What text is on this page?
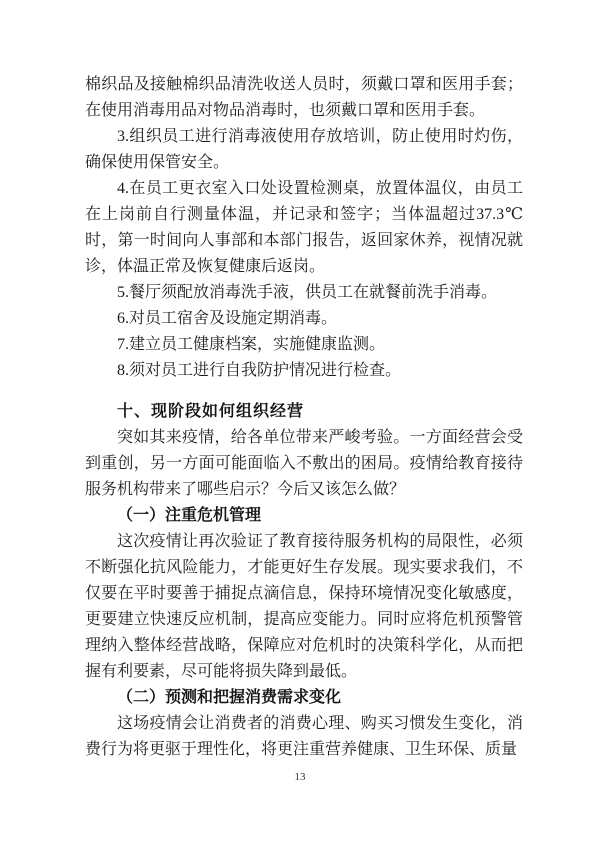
棉织品及接触棉织品清洗收送人员时，须戴口罩和医用手套；在使用消毒用品对物品消毒时，也须戴口罩和医用手套。

3.组织员工进行消毒液使用存放培训，防止使用时灼伤，确保使用保管安全。

4.在员工更衣室入口处设置检测桌，放置体温仪，由员工在上岗前自行测量体温，并记录和签字；当体温超过37.3℃时，第一时间向人事部和本部门报告，返回家休养，视情况就诊，体温正常及恢复健康后返岗。

5.餐厅须配放消毒洗手液，供员工在就餐前洗手消毒。

6.对员工宿舍及设施定期消毒。

7.建立员工健康档案，实施健康监测。

8.须对员工进行自我防护情况进行检查。

十、现阶段如何组织经营

突如其来疫情，给各单位带来严峻考验。一方面经营会受到重创，另一方面可能面临入不敷出的困局。疫情给教育接待服务机构带来了哪些启示？今后又该怎么做？

（一）注重危机管理

这次疫情让再次验证了教育接待服务机构的局限性，必须不断强化抗风险能力，才能更好生存发展。现实要求我们，不仅要在平时要善于捕捉点滴信息，保持环境情况变化敏感度，更要建立快速反应机制，提高应变能力。同时应将危机预警管理纳入整体经营战略，保障应对危机时的决策科学化，从而把握有利要素，尽可能将损失降到最低。

（二）预测和把握消费需求变化

这场疫情会让消费者的消费心理、购买习惯发生变化，消费行为将更驱于理性化，将更注重营养健康、卫生环保、质量

13
